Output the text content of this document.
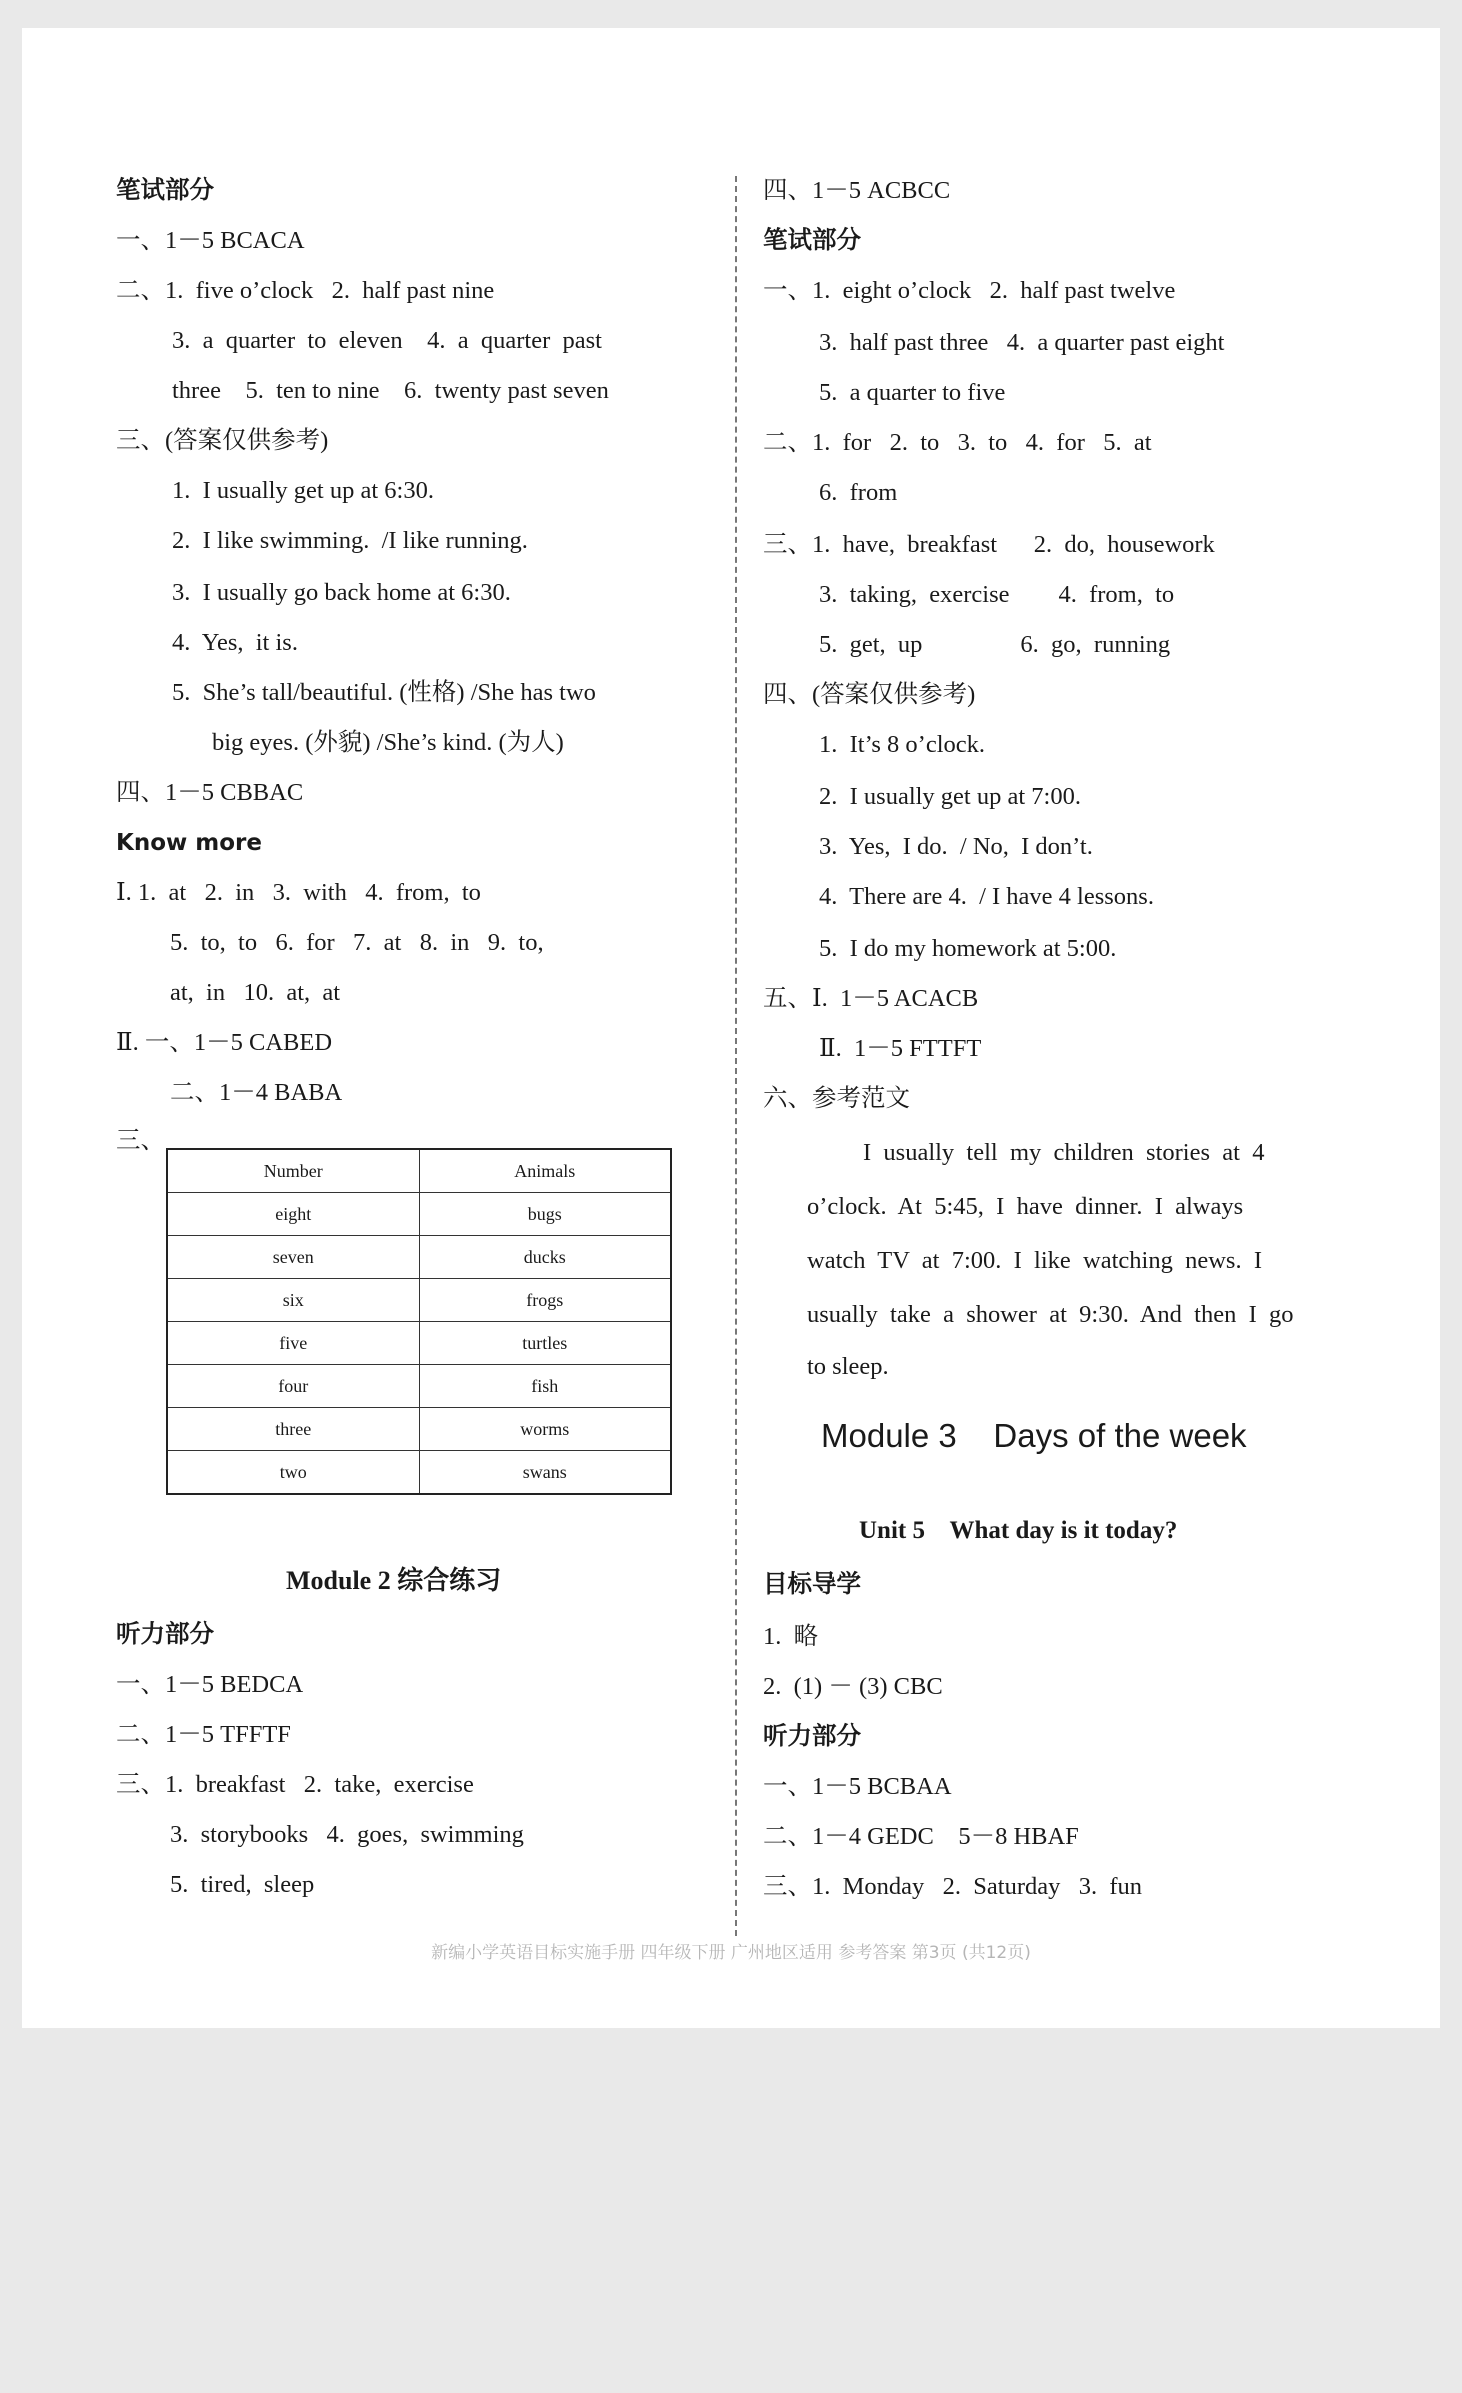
笔试部分
一、1－5 BCACA
二、1.  five o’clock   2.  half past nine
3.  a  quarter  to  eleven    4.  a  quarter  past
three    5.  ten to nine    6.  twenty past seven
三、(答案仅供参考)
1.  I usually get up at 6:30.
2.  I like swimming.  /I like running.
3.  I usually go back home at 6:30.
4.  Yes,  it is.
5.  She’s tall/beautiful. (性格) /She has two
big eyes. (外貌) /She’s kind. (为人)
四、1－5 CBBAC
Know more
Ⅰ. 1.  at   2.  in   3.  with   4.  from,  to
5.  to,  to   6.  for   7.  at   8.  in   9.  to,
at,  in   10.  at,  at
Ⅱ. 一、1－5 CABED
二、1－4 BABA
三、
Number	Animals
eight	bugs
seven	ducks
six	frogs
five	turtles
four	fish
three	worms
two	swans
Module 2 综合练习
听力部分
一、1－5 BEDCA
二、1－5 TFFTF
三、1.  breakfast   2.  take,  exercise
3.  storybooks   4.  goes,  swimming
5.  tired,  sleep
四、1－5 ACBCC
笔试部分
一、1.  eight o’clock   2.  half past twelve
3.  half past three   4.  a quarter past eight
5.  a quarter to five
二、1.  for   2.  to   3.  to   4.  for   5.  at
6.  from
三、1.  have,  breakfast      2.  do,  housework
3.  taking,  exercise        4.  from,  to
5.  get,  up                6.  go,  running
四、(答案仅供参考)
1.  It’s 8 o’clock.
2.  I usually get up at 7:00.
3.  Yes,  I do.  / No,  I don’t.
4.  There are 4.  / I have 4 lessons.
5.  I do my homework at 5:00.
五、Ⅰ.  1－5 ACACB
Ⅱ.  1－5 FTTFT
六、参考范文
I  usually  tell  my  children  stories  at  4
o’clock.  At  5:45,  I  have  dinner.  I  always
watch  TV  at  7:00.  I  like  watching  news.  I
usually  take  a  shower  at  9:30.  And  then  I  go
to sleep.
Module 3    Days of the week
Unit 5    What day is it today?
目标导学
1.  略
2.  (1) － (3) CBC
听力部分
一、1－5 BCBAA
二、1－4 GEDC    5－8 HBAF
三、1.  Monday   2.  Saturday   3.  fun
新编小学英语目标实施手册 四年级下册 广州地区适用 参考答案 第3页 (共12页)
